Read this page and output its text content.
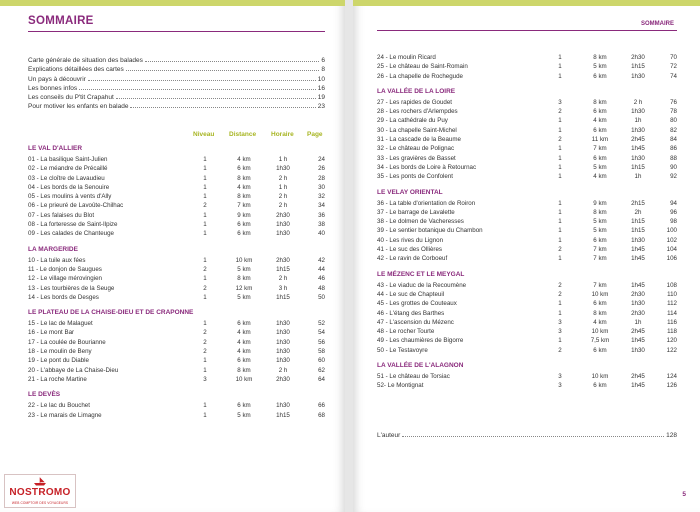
SOMMAIRE
Carte générale de situation des balades	6
Explications détaillées des cartes	8
Un pays à découvrir	10
Les bonnes infos	16
Les conseils du P'tit Crapahut	19
Pour motiver les enfants en balade	23
Niveau Distance Horaire Page
LE VAL D'ALLIER
01 - La basilique Saint-Julien	1	4 km	1 h	24
02 - Le méandre de Précaillé	1	6 km	1h30	26
03 - Le cloître de Lavaudieu	1	8 km	2 h	28
04 - Les bords de la Senouire	1	4 km	1 h	30
05 - Les moulins à vents d'Ally	1	8 km	2 h	32
06 - Le prieuré de Lavoûte-Chilhac	2	7 km	2 h	34
07 - Les falaises du Blot	1	9 km	2h30	36
08 - La forteresse de Saint-Ilpize	1	6 km	1h30	38
09 - Les calades de Chanteuge	1	6 km	1h30	40
LA MARGERIDE
10 - La tuile aux fées	1	10 km	2h30	42
11 - Le donjon de Saugues	2	5 km	1h15	44
12 - Le village mérovingien	1	8 km	2 h	46
13 - Les tourbières de la Seuge	2	12 km	3 h	48
14 - Les bords de Desges	1	5 km	1h15	50
LE PLATEAU DE LA CHAISE-DIEU ET DE CRAPONNE
15 - Le lac de Malaguet	1	6 km	1h30	52
16 - Le mont Bar	2	4 km	1h30	54
17 - La coulée de Bourianne	2	4 km	1h30	56
18 - Le moulin de Beny	2	4 km	1h30	58
19 - Le pont du Diable	1	6 km	1h30	60
20 - L'abbaye de La Chaise-Dieu	1	8 km	2 h	62
21 - La roche Martine	3	10 km	2h30	64
LE DEVÈS
22 - Le lac du Bouchet	1	6 km	1h30	66
23 - Le marais de Limagne	1	5 km	1h15	68
NOSTROMO
WEB COMPTOIR DES VOYAGEURS
SOMMAIRE
24 - Le moulin Ricard	1	8 km	2h30	70
25 - Le château de Saint-Romain	1	5 km	1h15	72
26 - La chapelle de Rochegude	1	6 km	1h30	74
LA VALLÉE DE LA LOIRE
27 - Les rapides de Goudet	3	8 km	2 h	76
28 - Les rochers d'Arlempdes	2	6 km	1h30	78
29 - La cathédrale du Puy	1	4 km	1h	80
30 - La chapelle Saint-Michel	1	6 km	1h30	82
31 - La cascade de la Beaume	2	11 km	2h45	84
32 - Le château de Polignac	1	7 km	1h45	86
33 - Les gravières de Basset	1	6 km	1h30	88
34 - Les bords de Loire à Retournac	1	5 km	1h15	90
35 - Les ponts de Confolent	1	4 km	1h	92
LE VELAY ORIENTAL
36 - La table d'orientation de Roiron	1	9 km	2h15	94
37 - Le barrage de Lavalette	1	8 km	2h	96
38 - Le dolmen de Vacheresses	1	5 km	1h15	98
39 - Le sentier botanique du Chambon	1	5 km	1h15	100
40 - Les rives du Lignon	1	6 km	1h30	102
41 - Le suc des Ollières	2	7 km	1h45	104
42 - Le ravin de Corboeuf	1	7 km	1h45	106
LE MÉZENC ET LE MEYGAL
43 - Le viaduc de la Recoumène	2	7 km	1h45	108
44 - Le suc de Chapteuil	2	10 km	2h30	110
45 - Les grottes de Couteaux	1	6 km	1h30	112
46 - L'étang des Barthes	1	8 km	2h30	114
47 - L'ascension du Mézenc	3	4 km	1h	116
48 - Le rocher Tourte	3	10 km	2h45	118
49 - Les chaumières de Bigorre	1	7,5 km	1h45	120
50 - Le Testavoyre	2	6 km	1h30	122
LA VALLÉE DE L'ALAGNON
51 - Le château de Torsiac	3	10 km	2h45	124
52- Le Montignat	3	6 km	1h45	126
L'auteur	128
5
